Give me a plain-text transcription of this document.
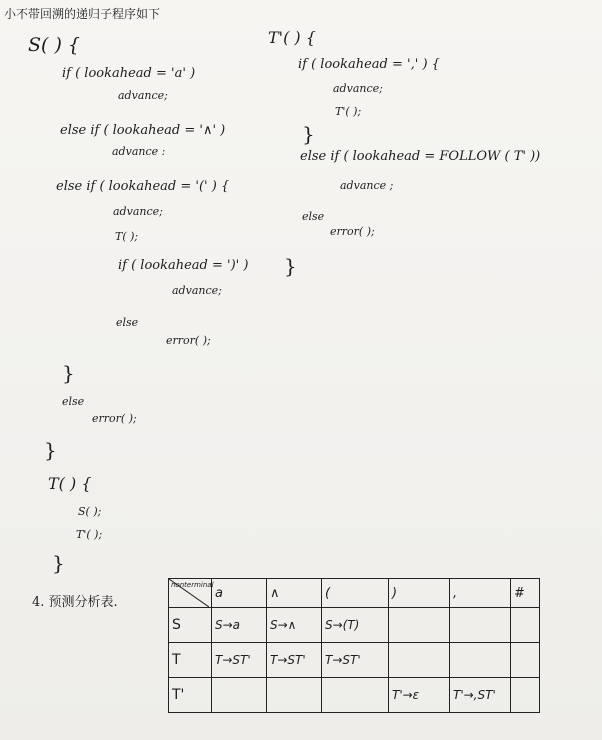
小不带回溯的递归子程序如下
S( ) {
if ( lookahead = 'a' )
advance;
else if ( lookahead = '∧' )
advance :
else if ( lookahead = '(' ) {
advance;
T( );
if ( lookahead = ')' )
advance;
else
error( );
}
else
error( );
}
T( ) {
S( );
T'( );
}
T'( ) {
if ( lookahead = ',' ) {
advance;
T'( );
}
else if ( lookahead = FOLLOW ( T' ))
advance ;
else
error( );
}
4. 预测分析表.
nonterminal	a	∧	(	)	,	#
S	S→a	S→∧	S→(T)			
T	T→ST'	T→ST'	T→ST'			
T'				T'→ε	T'→,ST'	
